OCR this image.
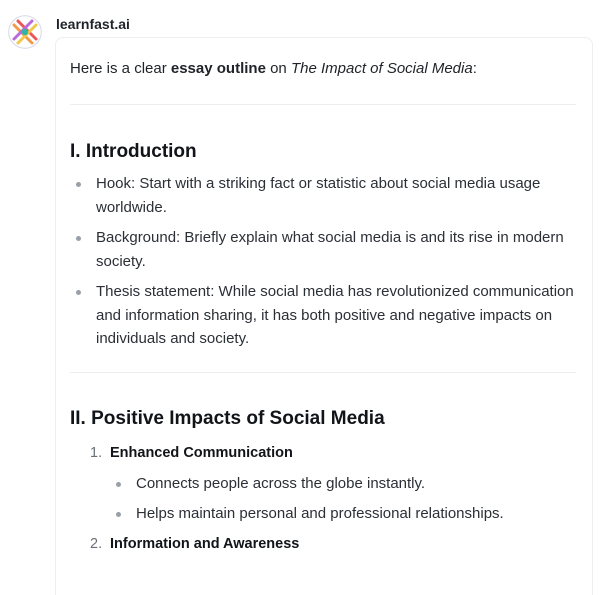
learnfast.ai

Here is a clear essay outline on The Impact of Social Media:

I. Introduction
Hook: Start with a striking fact or statistic about social media usage worldwide.
Background: Briefly explain what social media is and its rise in modern society.
Thesis statement: While social media has revolutionized communication and information sharing, it has both positive and negative impacts on individuals and society.
II. Positive Impacts of Social Media
1. Enhanced Communication
Connects people across the globe instantly.
Helps maintain personal and professional relationships.
2. Information and Awareness
